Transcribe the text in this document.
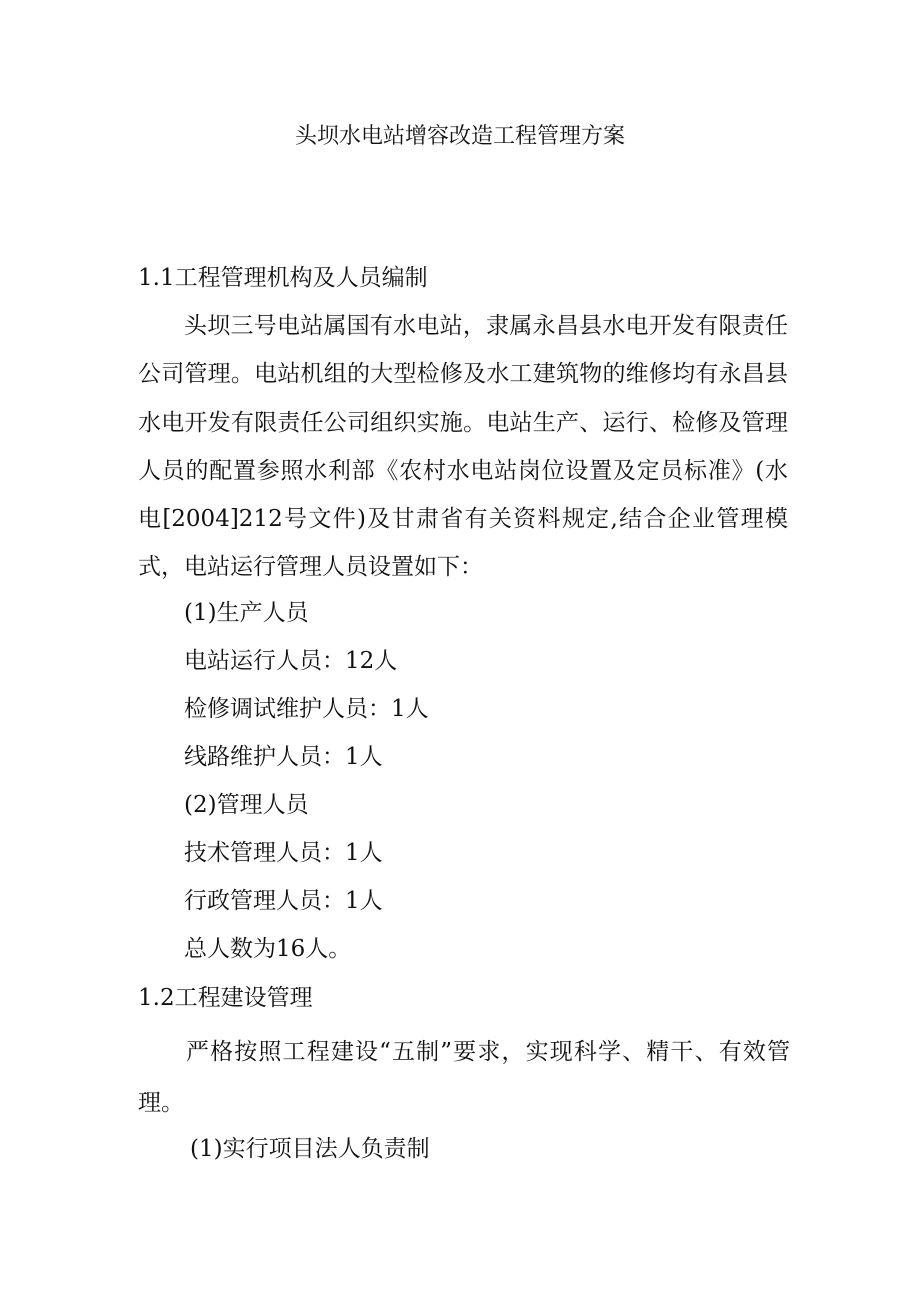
头坝水电站增容改造工程管理方案
1.1工程管理机构及人员编制

头坝三号电站属国有水电站，隶属永昌县水电开发有限责任公司管理。电站机组的大型检修及水工建筑物的维修均有永昌县水电开发有限责任公司组织实施。电站生产、运行、检修及管理人员的配置参照水利部《农村水电站岗位设置及定员标准》(水电[2004]212号文件)及甘肃省有关资料规定,结合企业管理模式，电站运行管理人员设置如下：

(1)生产人员
电站运行人员：12人
检修调试维护人员：1人
线路维护人员：1人
(2)管理人员
技术管理人员：1人
行政管理人员：1人
总人数为16人。
1.2工程建设管理

严格按照工程建设“五制”要求，实现科学、精干、有效管理。

(1)实行项目法人负责制
